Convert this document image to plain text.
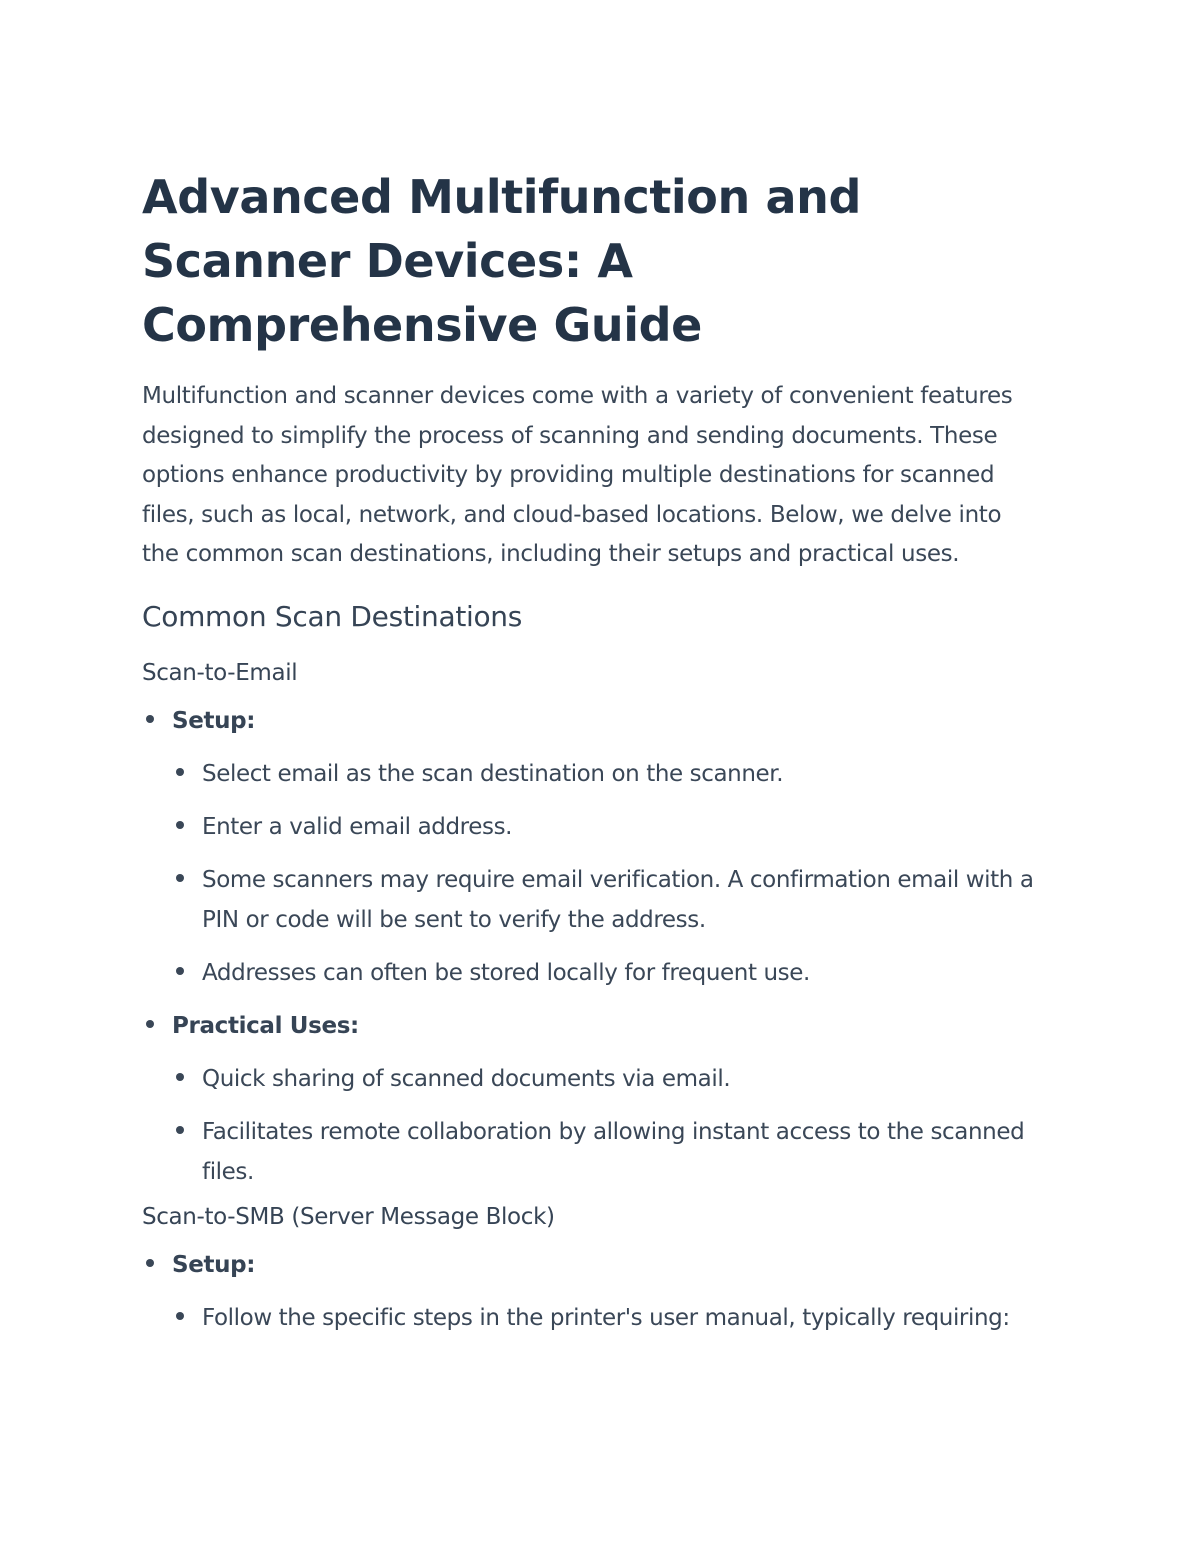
Advanced Multifunction and Scanner Devices: A Comprehensive Guide

Multifunction and scanner devices come with a variety of convenient features designed to simplify the process of scanning and sending documents. These options enhance productivity by providing multiple destinations for scanned files, such as local, network, and cloud-based locations. Below, we delve into the common scan destinations, including their setups and practical uses.

Common Scan Destinations
Scan-to-Email
Setup:
Select email as the scan destination on the scanner.
Enter a valid email address.
Some scanners may require email verification. A confirmation email with a PIN or code will be sent to verify the address.
Addresses can often be stored locally for frequent use.
Practical Uses:
Quick sharing of scanned documents via email.
Facilitates remote collaboration by allowing instant access to the scanned files.
Scan-to-SMB (Server Message Block)
Setup:
Follow the specific steps in the printer's user manual, typically requiring:
